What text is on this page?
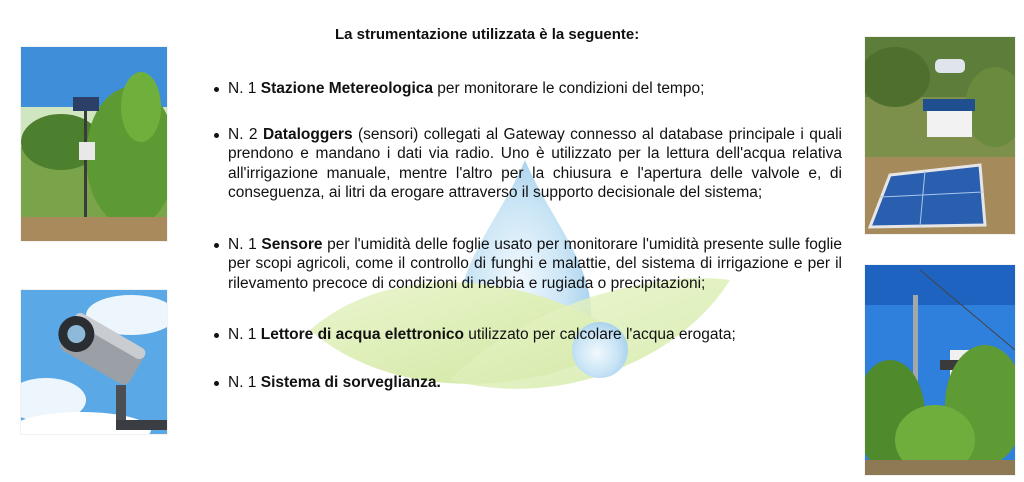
La strumentazione utilizzata è la seguente:
N. 1 Stazione Metereologica per monitorare le condizioni del tempo;
N. 2 Dataloggers (sensori) collegati al Gateway connesso al database principale i quali prendono e mandano i dati via radio. Uno è utilizzato per la lettura dell'acqua relativa all'irrigazione manuale, mentre l'altro per la chiusura e l'apertura delle valvole e, di conseguenza, ai litri da erogare attraverso il supporto decisionale del sistema;
N. 1 Sensore per l'umidità delle foglie usato per monitorare l'umidità presente sulle foglie per scopi agricoli, come il controllo di funghi e malattie, del sistema di irrigazione e per il rilevamento precoce di condizioni di nebbia e rugiada o precipitazioni;
N. 1 Lettore di acqua elettronico utilizzato per calcolare l'acqua erogata;
N. 1 Sistema di sorveglianza.
